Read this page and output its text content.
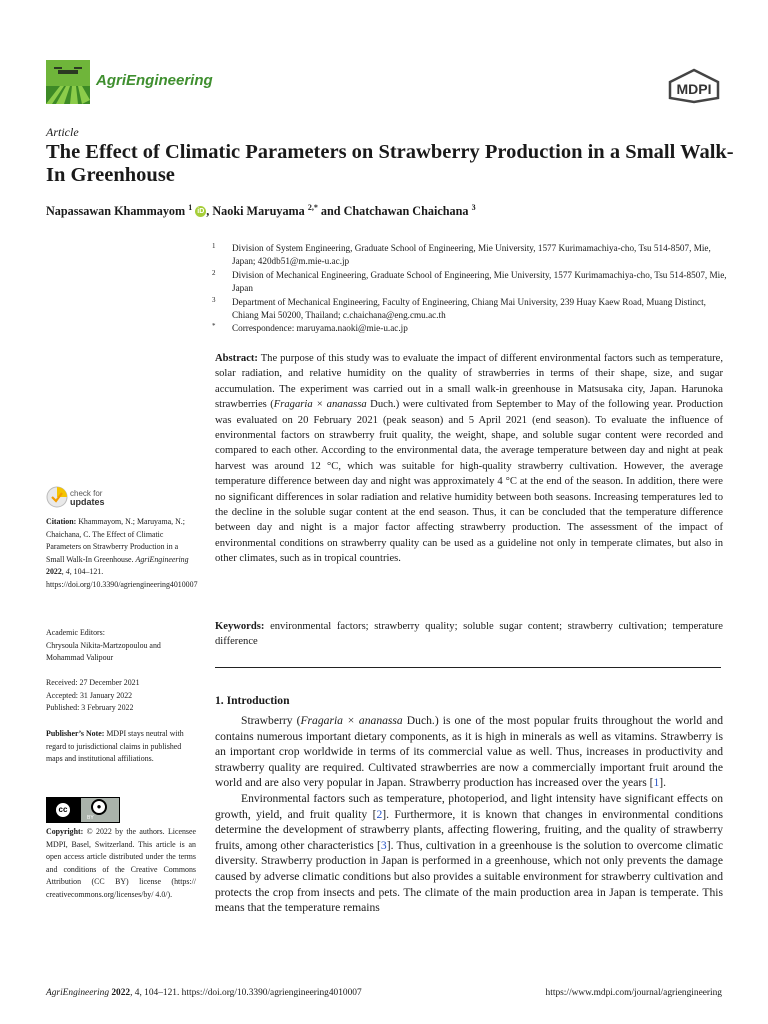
AgriEngineering	MDPI
Article
The Effect of Climatic Parameters on Strawberry Production in a Small Walk-In Greenhouse
Napassawan Khammayom $^1$ iD , Naoki Maruyama $^{2,*}$ and Chatchawan Chaichana $^3$
1 Division of System Engineering, Graduate School of Engineering, Mie University, 1577 Kurimamachiya-cho, Tsu 514-8507, Mie, Japan; 420db51@m.mie-u.ac.jp
2 Division of Mechanical Engineering, Graduate School of Engineering, Mie University, 1577 Kurimamachiya-cho, Tsu 514-8507, Mie, Japan
3 Department of Mechanical Engineering, Faculty of Engineering, Chiang Mai University, 239 Huay Kaew Road, Muang Distinct, Chiang Mai 50200, Thailand; c.chaichana@eng.cmu.ac.th
* Correspondence: maruyama.naoki@mie-u.ac.jp
Abstract: The purpose of this study was to evaluate the impact of different environmental factors such as temperature, solar radiation, and relative humidity on the quality of strawberries in terms of their shape, size, and sugar accumulation. The experiment was carried out in a small walk-in greenhouse in Matsusaka city, Japan. Harunoka strawberries (Fragaria × ananassa Duch.) were cultivated from September to May of the following year. Production was evaluated on 20 February 2021 (peak season) and 5 April 2021 (end season). To evaluate the influence of environmental factors on strawberry fruit quality, the weight, shape, and soluble sugar content were recorded and compared to each other. According to the environmental data, the average temperature between day and night at peak harvest was around 12 °C, which was suitable for high-quality strawberry cultivation. However, the average temperature difference between day and night was approximately 4 °C at the end of the season. In addition, there were no significant differences in solar radiation and relative humidity between both seasons. Increasing temperatures led to the decline in the soluble sugar content at the end season. Thus, it can be concluded that the temperature difference between day and night is a major factor affecting strawberry production. The assessment of the impact of environmental conditions on strawberry quality can be used as a guideline not only in temperate climates, but also in other climates, such as in tropical countries.
Keywords: environmental factors; strawberry quality; soluble sugar content; strawberry cultivation; temperature difference
1. Introduction

Strawberry (Fragaria × ananassa Duch.) is one of the most popular fruits throughout the world and contains numerous important dietary components, as it is high in minerals as well as vitamins. Strawberry is an important crop worldwide in terms of its commercial value as well. Thus, increases in productivity and strawberry quality are required. Cultivated strawberries are now a commercially important fruit around the world and are also very popular in Japan. Strawberry production has increased over the years [1].

Environmental factors such as temperature, photoperiod, and light intensity have significant effects on growth, yield, and fruit quality [2]. Furthermore, it is known that changes in environmental conditions determine the development of strawberry plants, affecting flowering, fruiting, and the quality of strawberry fruits, among other characteristics [3]. Thus, cultivation in a greenhouse is the solution to overcome climatic diversity. Strawberry production in Japan is performed in a greenhouse, which not only prevents the damage caused by adverse climatic conditions but also provides a suitable environment for strawberry cultivation and protects the crop from insects and pets. The climate of the main production area in Japan is temperate. This means that the temperature remains

check for
updates
Citation: Khammayom, N.; Maruyama, N.; Chaichana, C. The Effect of Climatic Parameters on Strawberry Production in a Small Walk-In Greenhouse. AgriEngineering 2022, 4, 104–121. https://doi.org/10.3390/agriengineering4010007
Academic Editors:
Chrysoula Nikita-Martzopoulou and Mohammad Valipour
Received: 27 December 2021
Accepted: 31 January 2022
Published: 3 February 2022
Publisher’s Note: MDPI stays neutral with regard to jurisdictional claims in published maps and institutional affiliations.
cc	●
BY
Copyright: © 2022 by the authors. Licensee MDPI, Basel, Switzerland. This article is an open access article distributed under the terms and conditions of the Creative Commons Attribution (CC BY) license (https:// creativecommons.org/licenses/by/ 4.0/).
AgriEngineering 2022, 4, 104–121. https://doi.org/10.3390/agriengineering4010007	https://www.mdpi.com/journal/agriengineering
